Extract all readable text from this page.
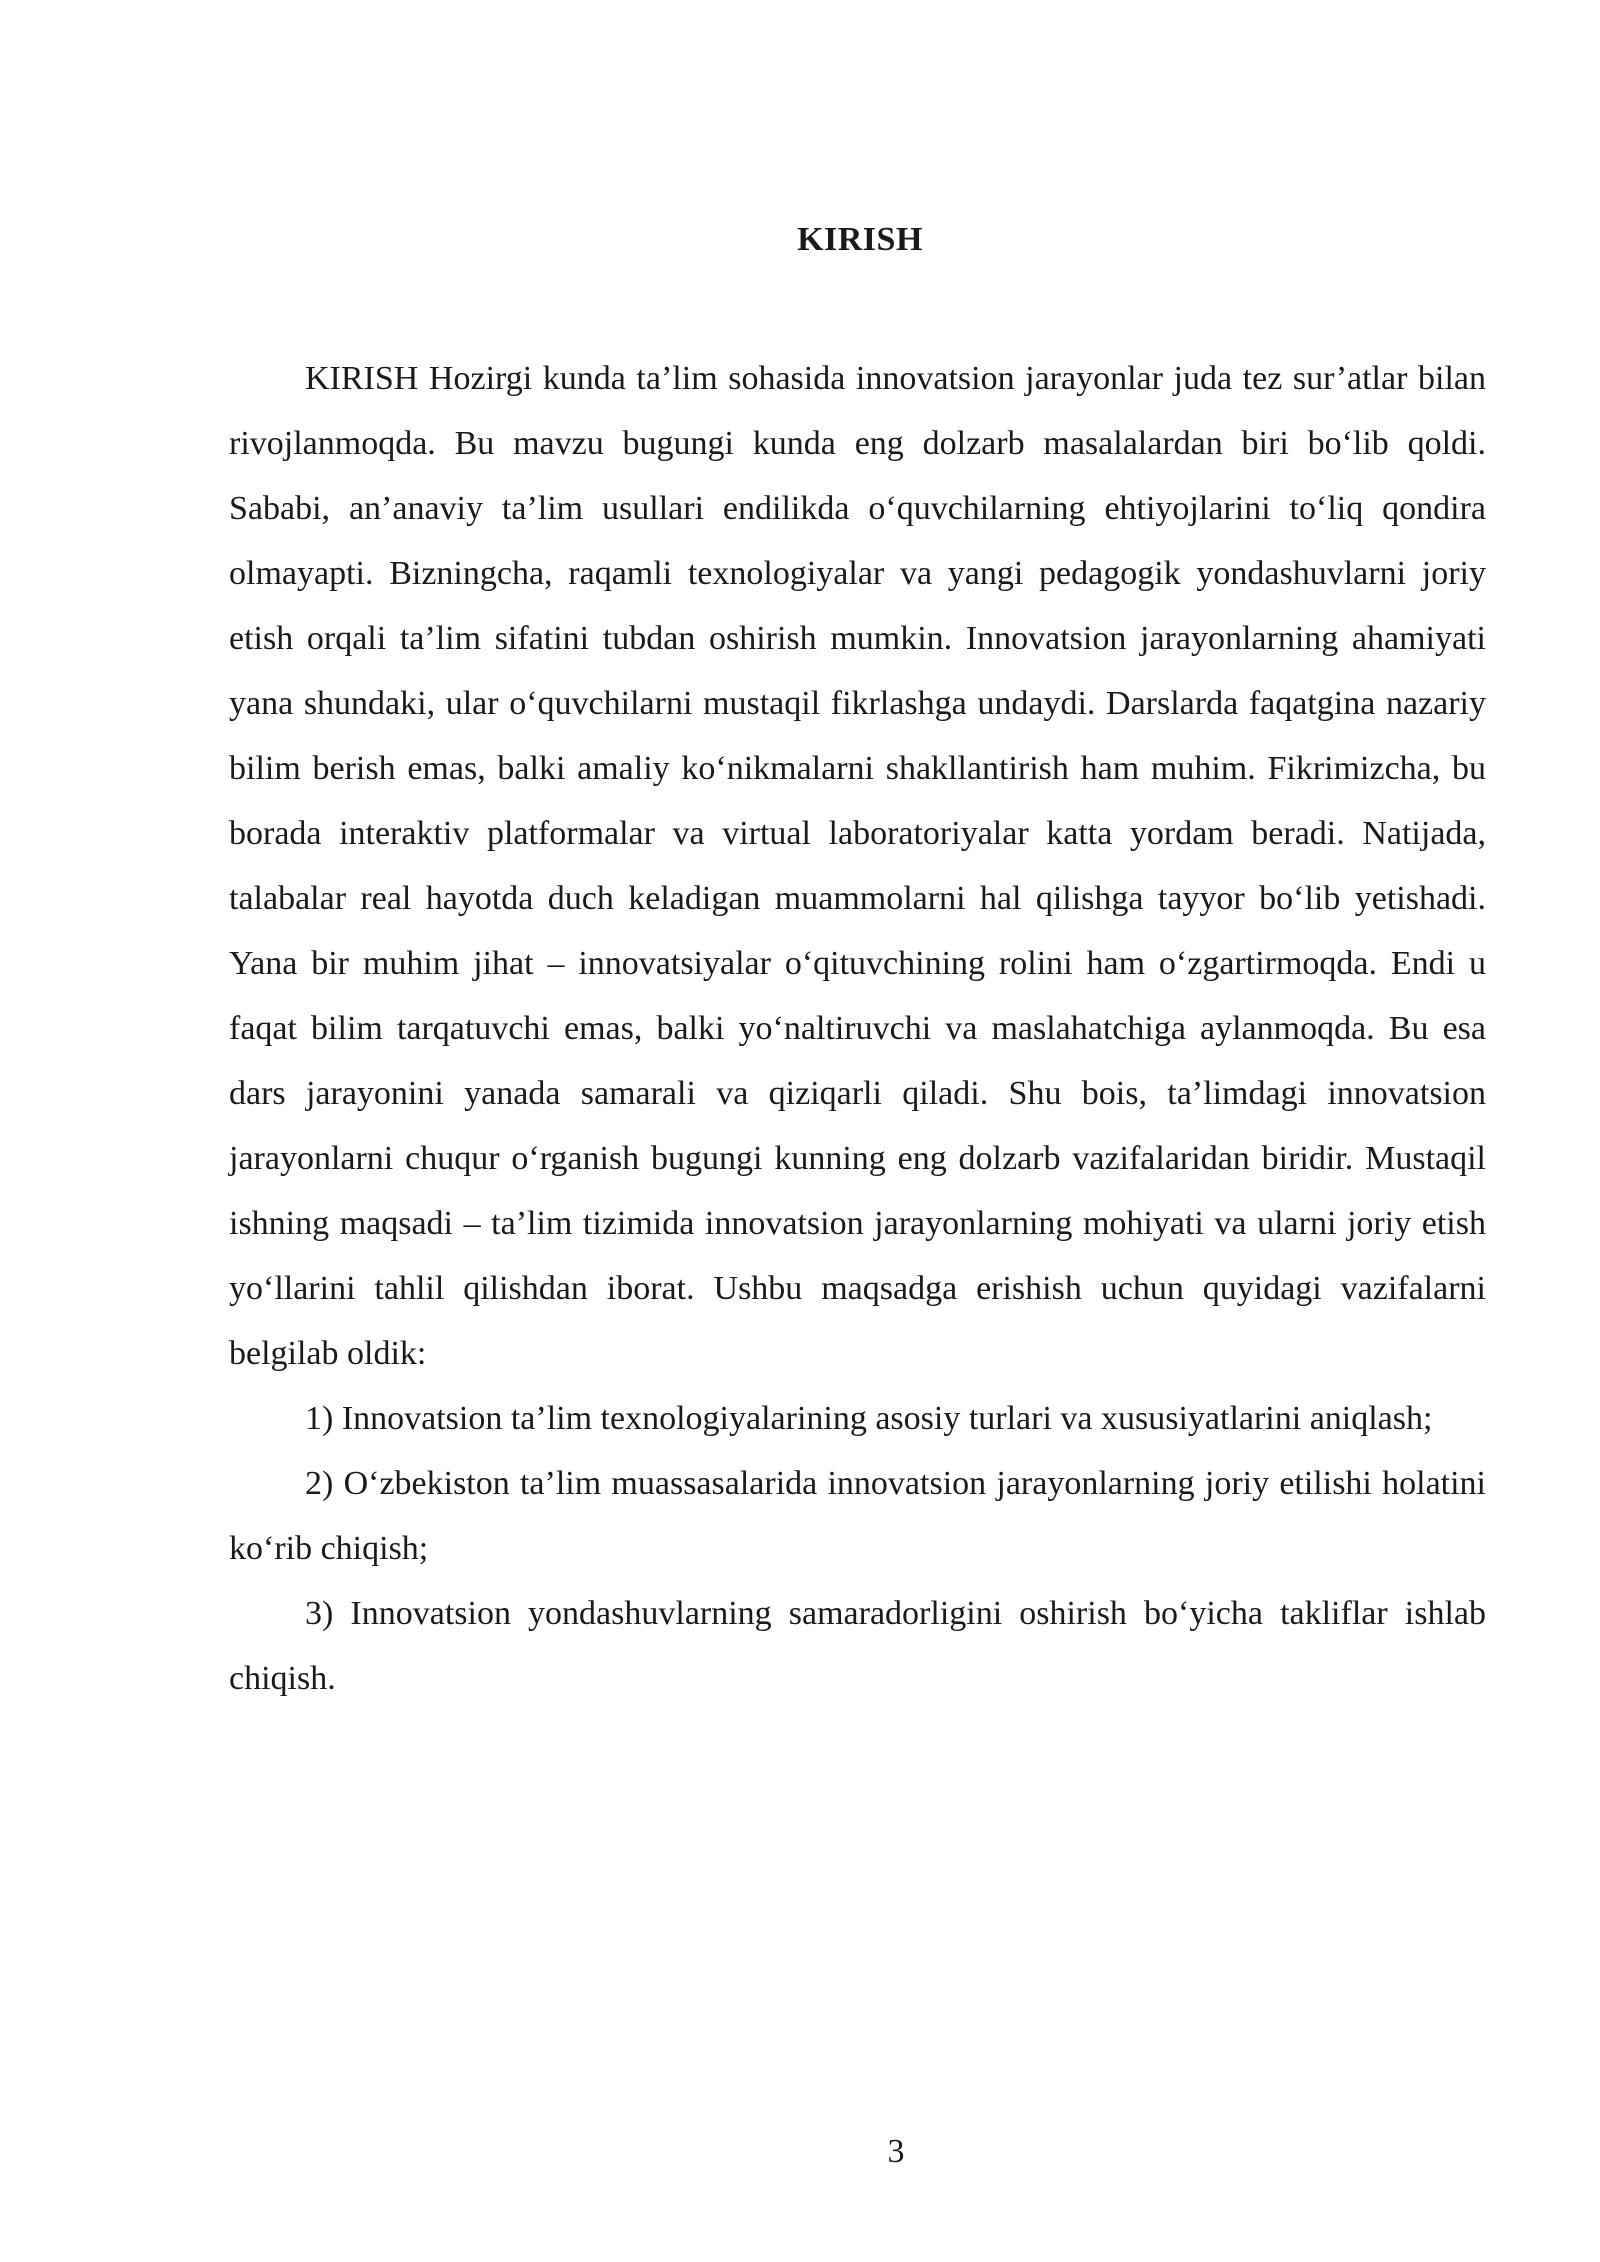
KIRISH

KIRISH Hozirgi kunda ta’lim sohasida innovatsion jarayonlar juda tez sur’atlar bilan rivojlanmoqda. Bu mavzu bugungi kunda eng dolzarb masalalardan biri bo‘lib qoldi. Sababi, an’anaviy ta’lim usullari endilikda o‘quvchilarning ehtiyojlarini to‘liq qondira olmayapti. Bizningcha, raqamli texnologiyalar va yangi pedagogik yondashuvlarni joriy etish orqali ta’lim sifatini tubdan oshirish mumkin. Innovatsion jarayonlarning ahamiyati yana shundaki, ular o‘quvchilarni mustaqil fikrlashga undaydi. Darslarda faqatgina nazariy bilim berish emas, balki amaliy ko‘nikmalarni shakllantirish ham muhim. Fikrimizcha, bu borada interaktiv platformalar va virtual laboratoriyalar katta yordam beradi. Natijada, talabalar real hayotda duch keladigan muammolarni hal qilishga tayyor bo‘lib yetishadi. Yana bir muhim jihat – innovatsiyalar o‘qituvchining rolini ham o‘zgartirmoqda. Endi u faqat bilim tarqatuvchi emas, balki yo‘naltiruvchi va maslahatchiga aylanmoqda. Bu esa dars jarayonini yanada samarali va qiziqarli qiladi. Shu bois, ta’limdagi innovatsion jarayonlarni chuqur o‘rganish bugungi kunning eng dolzarb vazifalaridan biridir. Mustaqil ishning maqsadi – ta’lim tizimida innovatsion jarayonlarning mohiyati va ularni joriy etish yo‘llarini tahlil qilishdan iborat. Ushbu maqsadga erishish uchun quyidagi vazifalarni belgilab oldik:

1) Innovatsion ta’lim texnologiyalarining asosiy turlari va xususiyatlarini aniqlash;

2) O‘zbekiston ta’lim muassasalarida innovatsion jarayonlarning joriy etilishi holatini ko‘rib chiqish;

3) Innovatsion yondashuvlarning samaradorligini oshirish bo‘yicha takliflar ishlab chiqish.

3
